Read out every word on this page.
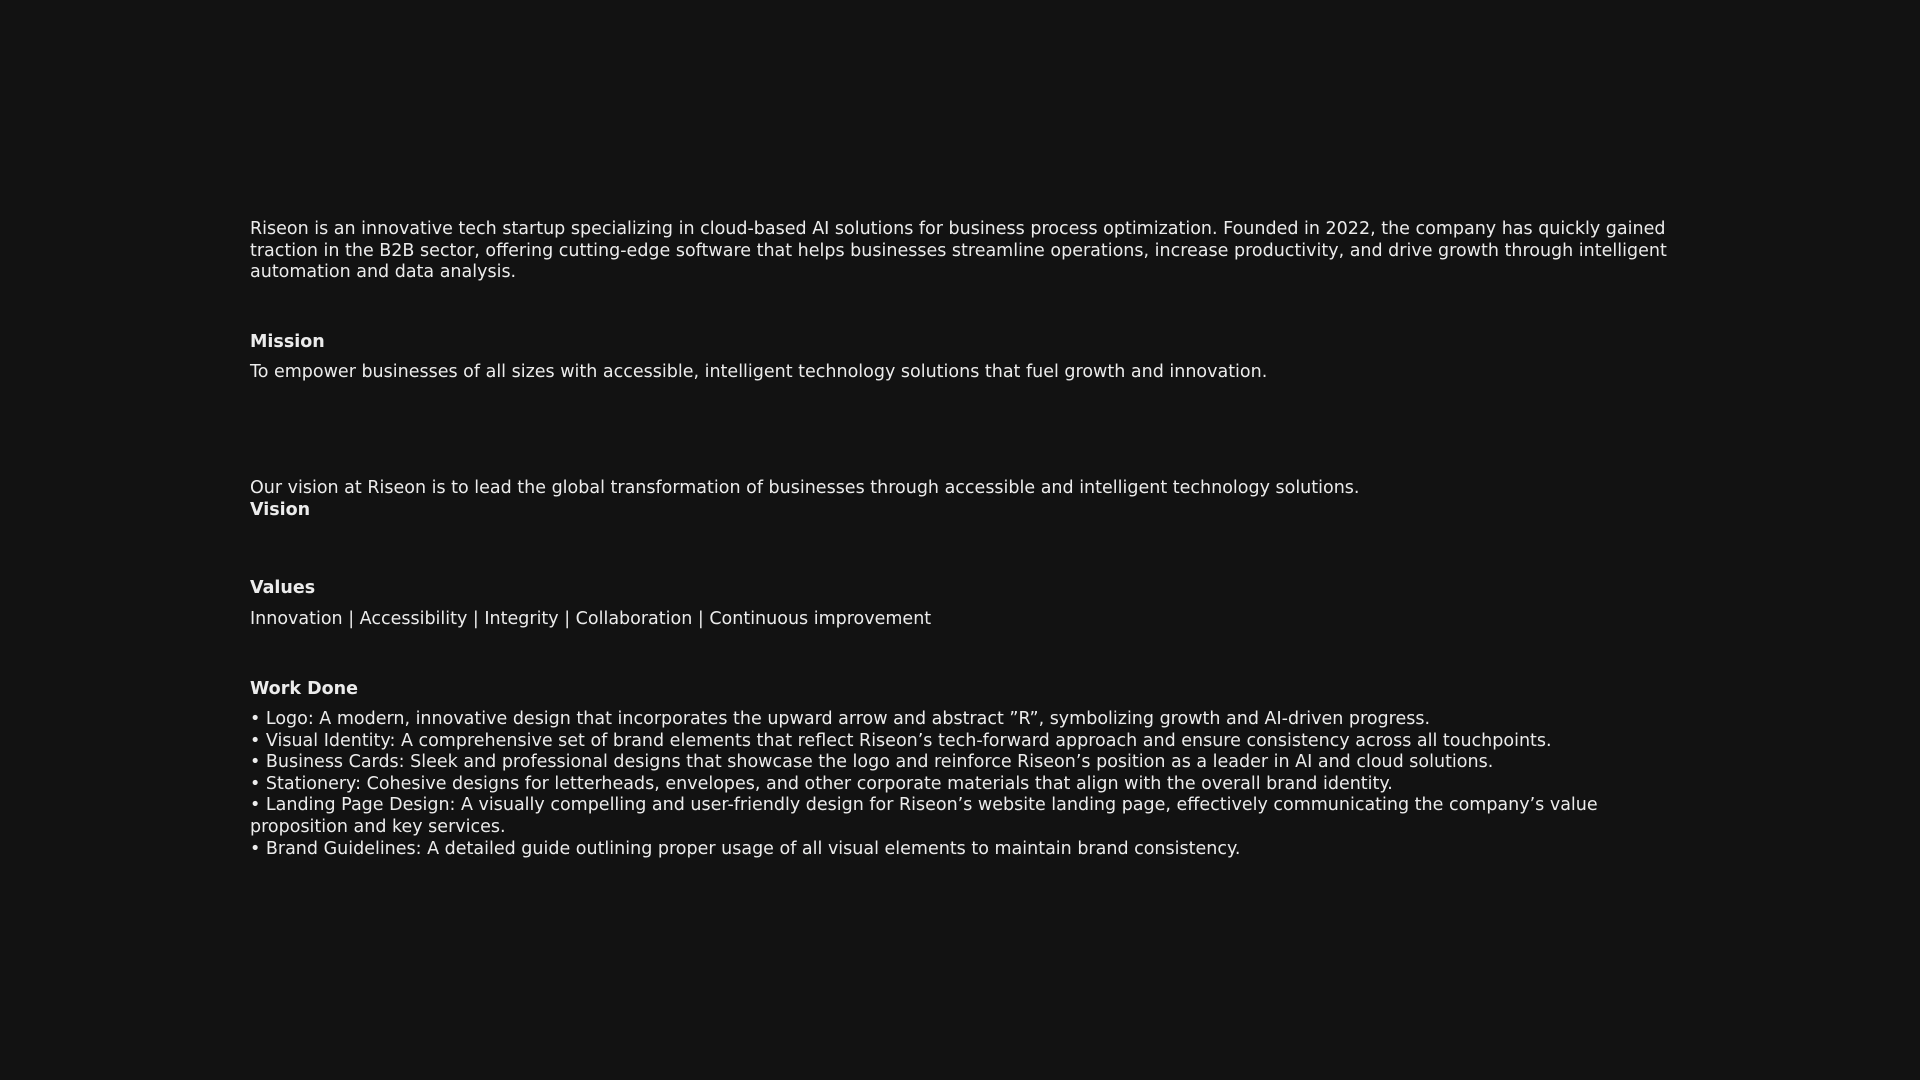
Riseon is an innovative tech startup specializing in cloud-based AI solutions for business process optimization. Founded in 2022, the company has quickly gained traction in the B2B sector, offering cutting-edge software that helps businesses streamline operations, increase productivity, and drive growth through intelligent automation and data analysis.

Mission

To empower businesses of all sizes with accessible, intelligent technology solutions that fuel growth and innovation.

Our vision at Riseon is to lead the global transformation of businesses through accessible and intelligent technology solutions.

Vision
Values

Innovation | Accessibility | Integrity | Collaboration | Continuous improvement

Work Done
• Logo: A modern, innovative design that incorporates the upward arrow and abstract ”R”, symbolizing growth and AI-driven progress.
• Visual Identity: A comprehensive set of brand elements that reflect Riseon’s tech-forward approach and ensure consistency across all touchpoints.
• Business Cards: Sleek and professional designs that showcase the logo and reinforce Riseon’s position as a leader in AI and cloud solutions.
• Stationery: Cohesive designs for letterheads, envelopes, and other corporate materials that align with the overall brand identity.
• Landing Page Design: A visually compelling and user-friendly design for Riseon’s website landing page, effectively communicating the company’s value proposition and key services.
• Brand Guidelines: A detailed guide outlining proper usage of all visual elements to maintain brand consistency.
